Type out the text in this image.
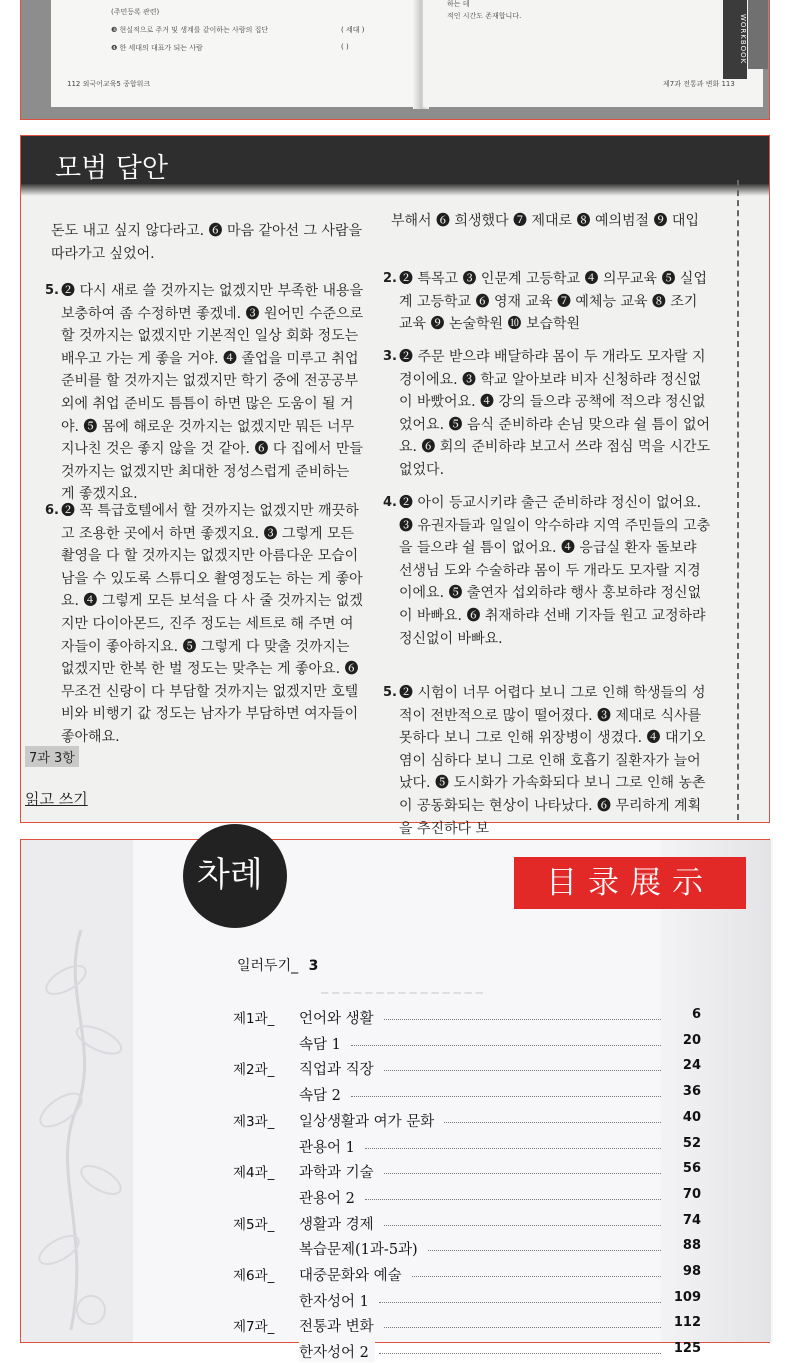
(주민등록 관련)
❸ 현실적으로 주거 및 생계를 같이하는 사람의 집단	( 세대 )
❹ 한 세대의 대표가 되는 사람	( )
112 외국어교육5 종합워크
하는 데
적인 시간도 존재합니다.
제7과 전통과 변화 113
WORKBOOK
모범 답안

돈도 내고 싶지 않다라고. ❻ 마음 같아선 그 사람을 따라가고 싶었어.

5. ❷ 다시 새로 쓸 것까지는 없겠지만 부족한 내용을 보충하여 좀 수정하면 좋겠네. ❸ 원어민 수준으로 할 것까지는 없겠지만 기본적인 일상 회화 정도는 배우고 가는 게 좋을 거야. ❹ 졸업을 미루고 취업 준비를 할 것까지는 없겠지만 학기 중에 전공공부 외에 취업 준비도 틈틈이 하면 많은 도움이 될 거야. ❺ 몸에 해로운 것까지는 없겠지만 뭐든 너무 지나친 것은 좋지 않을 것 같아. ❻ 다 집에서 만들 것까지는 없겠지만 최대한 정성스럽게 준비하는 게 좋겠지요.

6. ❷ 꼭 특급호텔에서 할 것까지는 없겠지만 깨끗하고 조용한 곳에서 하면 좋겠지요. ❸ 그렇게 모든 촬영을 다 할 것까지는 없겠지만 아름다운 모습이 남을 수 있도록 스튜디오 촬영정도는 하는 게 좋아요. ❹ 그렇게 모든 보석을 다 사 줄 것까지는 없겠지만 다이아몬드, 진주 정도는 세트로 해 주면 여자들이 좋아하지요. ❺ 그렇게 다 맞출 것까지는 없겠지만 한복 한 벌 정도는 맞추는 게 좋아요. ❻ 무조건 신랑이 다 부담할 것까지는 없겠지만 호텔비와 비행기 값 정도는 남자가 부담하면 여자들이 좋아해요.

7과 3항
읽고 쓰기

부해서 ❻ 희생했다 ❼ 제대로 ❽ 예의범절 ❾ 대입

2. ❷ 특목고 ❸ 인문계 고등학교 ❹ 의무교육 ❺ 실업계 고등학교 ❻ 영재 교육 ❼ 예체능 교육 ❽ 조기 교육 ❾ 논술학원 ❿ 보습학원

3. ❷ 주문 받으랴 배달하랴 몸이 두 개라도 모자랄 지경이에요. ❸ 학교 알아보랴 비자 신청하랴 정신없이 바빴어요. ❹ 강의 들으랴 공책에 적으랴 정신없었어요. ❺ 음식 준비하랴 손님 맞으랴 쉴 틈이 없어요. ❻ 회의 준비하랴 보고서 쓰랴 점심 먹을 시간도 없었다.

4. ❷ 아이 등교시키랴 출근 준비하랴 정신이 없어요. ❸ 유권자들과 일일이 악수하랴 지역 주민들의 고충을 들으랴 쉴 틈이 없어요. ❹ 응급실 환자 돌보랴 선생님 도와 수술하랴 몸이 두 개라도 모자랄 지경이에요. ❺ 출연자 섭외하랴 행사 홍보하랴 정신없이 바빠요. ❻ 취재하랴 선배 기자들 원고 교정하랴 정신없이 바빠요.

5. ❷ 시험이 너무 어렵다 보니 그로 인해 학생들의 성적이 전반적으로 많이 떨어졌다. ❸ 제대로 식사를 못하다 보니 그로 인해 위장병이 생겼다. ❹ 대기오염이 심하다 보니 그로 인해 호흡기 질환자가 늘어났다. ❺ 도시화가 가속화되다 보니 그로 인해 농촌이 공동화되는 현상이 나타났다. ❻ 무리하게 계획을 추진하다 보

─ ─ ─ ─ ─ ─ ─ ─ ─ ─ ─ ─ ─ ─ ─
차례	目录展示
일러두기_ 3
제1과_ 언어와 생활	6
속담 1	20
제2과_ 직업과 직장	24
속담 2	36
제3과_ 일상생활과 여가 문화	40
관용어 1	52
제4과_ 과학과 기술	56
관용어 2	70
제5과_ 생활과 경제	74
복습문제(1과-5과)	88
제6과_ 대중문화와 예술	98
한자성어 1	109
제7과_ 전통과 변화	112
한자성어 2	125
